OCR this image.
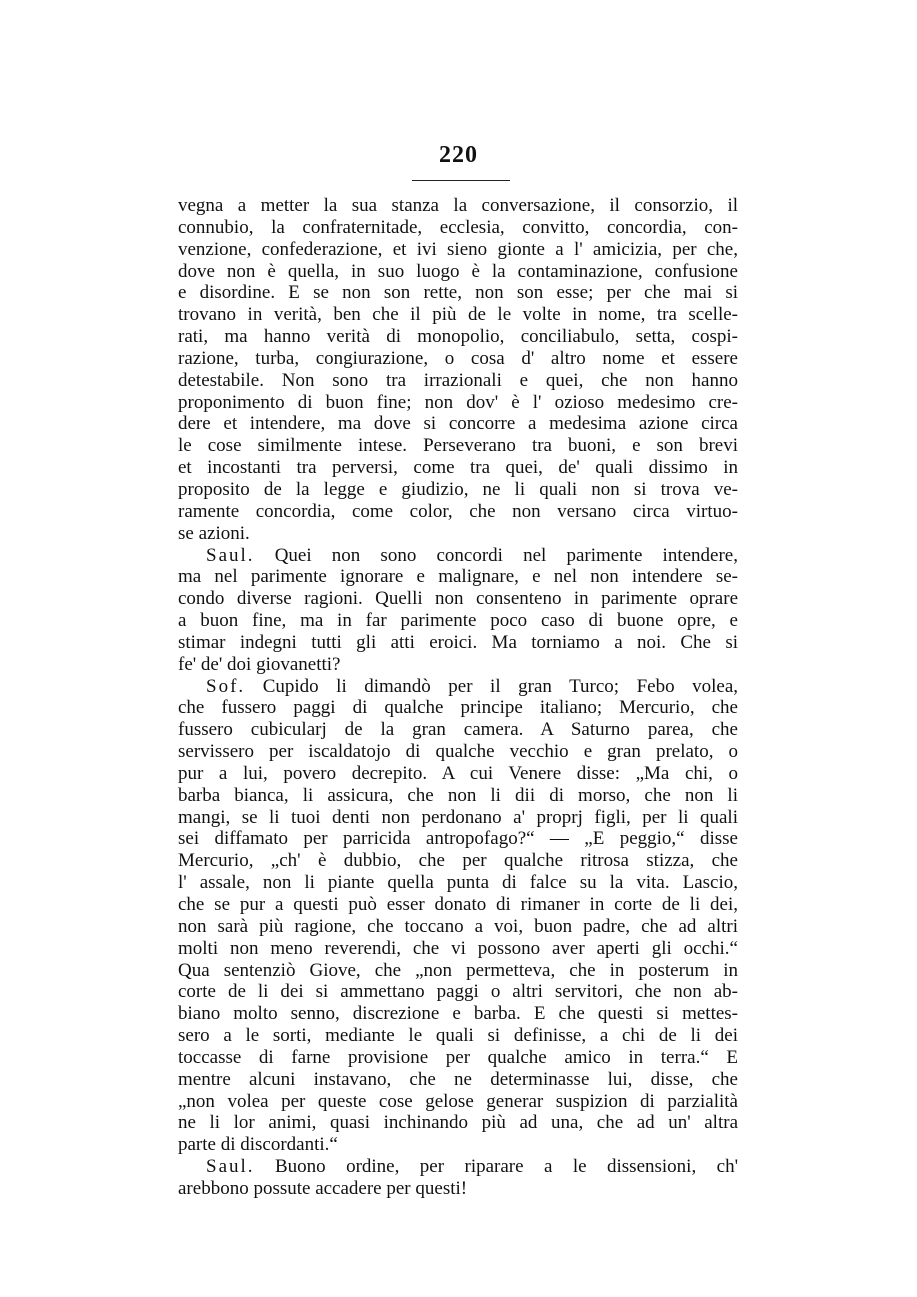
220
vegna a metter la sua stanza la conversazione, il consorzio, il
connubio, la confraternitade, ecclesia, convitto, concordia, con-
venzione, confederazione, et ivi sieno gionte a l' amicizia, per che,
dove non è quella, in suo luogo è la contaminazione, confusione
e disordine. E se non son rette, non son esse; per che mai si
trovano in verità, ben che il più de le volte in nome, tra scelle-
rati, ma hanno verità di monopolio, conciliabulo, setta, cospi-
razione, turba, congiurazione, o cosa d' altro nome et essere
detestabile. Non sono tra irrazionali e quei, che non hanno
proponimento di buon fine; non dov' è l' ozioso medesimo cre-
dere et intendere, ma dove si concorre a medesima azione circa
le cose similmente intese. Perseverano tra buoni, e son brevi
et incostanti tra perversi, come tra quei, de' quali dissimo in
proposito de la legge e giudizio, ne li quali non si trova ve-
ramente concordia, come color, che non versano circa virtuo-
se azioni.
Saul. Quei non sono concordi nel parimente intendere,
ma nel parimente ignorare e malignare, e nel non intendere se-
condo diverse ragioni. Quelli non consenteno in parimente oprare
a buon fine, ma in far parimente poco caso di buone opre, e
stimar indegni tutti gli atti eroici. Ma torniamo a noi. Che si
fe' de' doi giovanetti?
Sof. Cupido li dimandò per il gran Turco; Febo volea,
che fussero paggi di qualche principe italiano; Mercurio, che
fussero cubicularj de la gran camera. A Saturno parea, che
servissero per iscaldatojo di qualche vecchio e gran prelato, o
pur a lui, povero decrepito. A cui Venere disse: „Ma chi, o
barba bianca, li assicura, che non li dii di morso, che non li
mangi, se li tuoi denti non perdonano a' proprj figli, per li quali
sei diffamato per parricida antropofago?“ — „E peggio,“ disse
Mercurio, „ch' è dubbio, che per qualche ritrosa stizza, che
l' assale, non li piante quella punta di falce su la vita. Lascio,
che se pur a questi può esser donato di rimaner in corte de li dei,
non sarà più ragione, che toccano a voi, buon padre, che ad altri
molti non meno reverendi, che vi possono aver aperti gli occhi.“
Qua sentenziò Giove, che „non permetteva, che in posterum in
corte de li dei si ammettano paggi o altri servitori, che non ab-
biano molto senno, discrezione e barba. E che questi si mettes-
sero a le sorti, mediante le quali si definisse, a chi de li dei
toccasse di farne provisione per qualche amico in terra.“ E
mentre alcuni instavano, che ne determinasse lui, disse, che
„non volea per queste cose gelose generar suspizion di parzialità
ne li lor animi, quasi inchinando più ad una, che ad un' altra
parte di discordanti.“
Saul. Buono ordine, per riparare a le dissensioni, ch'
arebbono possute accadere per questi!
